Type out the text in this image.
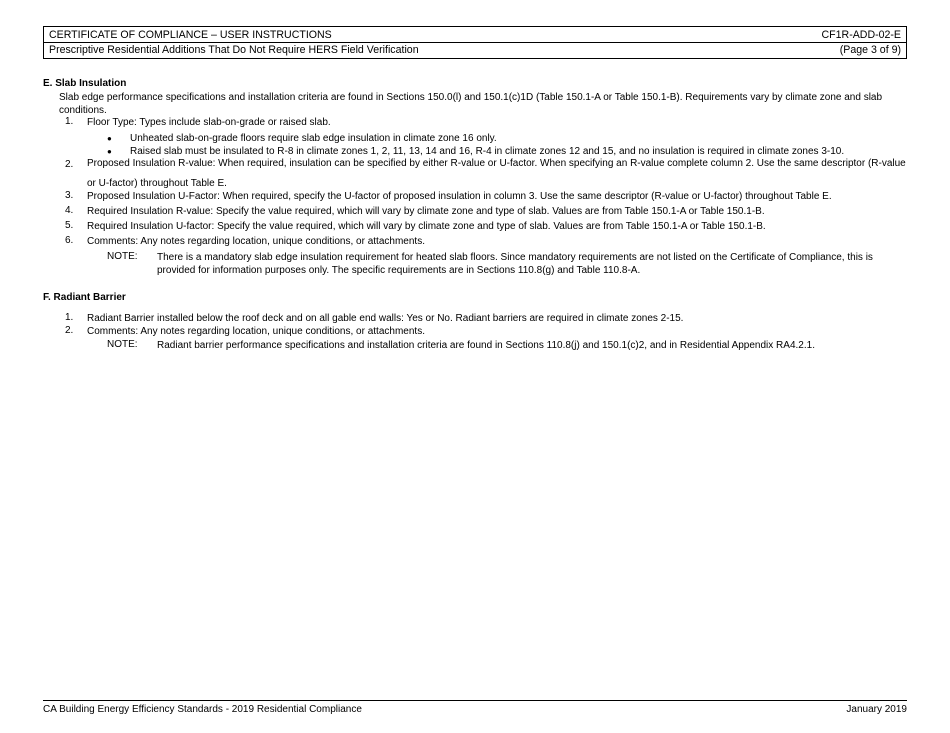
CERTIFICATE OF COMPLIANCE – USER INSTRUCTIONS	CF1R-ADD-02-E
Prescriptive Residential Additions That Do Not Require HERS Field Verification	(Page 3 of 9)
E. Slab Insulation
Slab edge performance specifications and installation criteria are found in Sections 150.0(l) and 150.1(c)1D (Table 150.1-A or Table 150.1-B). Requirements vary by climate zone and slab conditions.
1. Floor Type: Types include slab-on-grade or raised slab.
● Unheated slab-on-grade floors require slab edge insulation in climate zone 16 only.
● Raised slab must be insulated to R-8 in climate zones 1, 2, 11, 13, 14 and 16, R-4 in climate zones 12 and 15, and no insulation is required in climate zones 3-10.
2. Proposed Insulation R-value: When required, insulation can be specified by either R-value or U-factor. When specifying an R-value complete column 2. Use the same descriptor (R-value or U-factor) throughout Table E.
3. Proposed Insulation U-Factor: When required, specify the U-factor of proposed insulation in column 3. Use the same descriptor (R-value or U-factor) throughout Table E.
4. Required Insulation R-value: Specify the value required, which will vary by climate zone and type of slab. Values are from Table 150.1-A or Table 150.1-B.
5. Required Insulation U-factor: Specify the value required, which will vary by climate zone and type of slab. Values are from Table 150.1-A or Table 150.1-B.
6. Comments: Any notes regarding location, unique conditions, or attachments.
NOTE: There is a mandatory slab edge insulation requirement for heated slab floors. Since mandatory requirements are not listed on the Certificate of Compliance, this is provided for information purposes only. The specific requirements are in Sections 110.8(g) and Table 110.8-A.
F. Radiant Barrier
1. Radiant Barrier installed below the roof deck and on all gable end walls: Yes or No. Radiant barriers are required in climate zones 2-15.
2. Comments: Any notes regarding location, unique conditions, or attachments.
NOTE: Radiant barrier performance specifications and installation criteria are found in Sections 110.8(j) and 150.1(c)2, and in Residential Appendix RA4.2.1.
CA Building Energy Efficiency Standards - 2019 Residential Compliance	January 2019
